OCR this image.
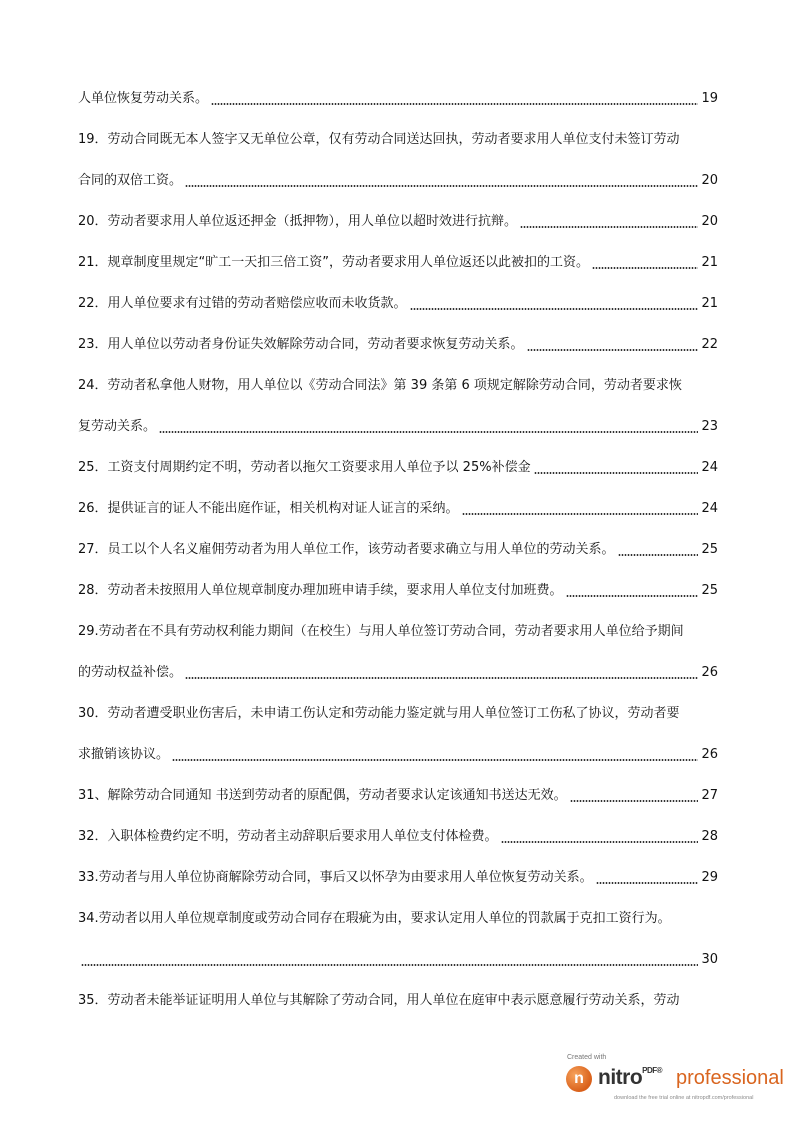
人单位恢复劳动关系。	19
19．劳动合同既无本人签字又无单位公章，仅有劳动合同送达回执，劳动者要求用人单位支付未签订劳动
合同的双倍工资。	20
20．劳动者要求用人单位返还押金（抵押物），用人单位以超时效进行抗辩。	20
21．规章制度里规定“旷工一天扣三倍工资”，劳动者要求用人单位返还以此被扣的工资。	21
22．用人单位要求有过错的劳动者赔偿应收而未收货款。	21
23．用人单位以劳动者身份证失效解除劳动合同，劳动者要求恢复劳动关系。	22
24．劳动者私拿他人财物，用人单位以《劳动合同法》第 39 条第 6 项规定解除劳动合同，劳动者要求恢
复劳动关系。	23
25．工资支付周期约定不明，劳动者以拖欠工资要求用人单位予以 25%补偿金	24
26．提供证言的证人不能出庭作证，相关机构对证人证言的采纳。	24
27．员工以个人名义雇佣劳动者为用人单位工作，该劳动者要求确立与用人单位的劳动关系。	25
28．劳动者未按照用人单位规章制度办理加班申请手续，要求用人单位支付加班费。	25
29.劳动者在不具有劳动权利能力期间（在校生）与用人单位签订劳动合同，劳动者要求用人单位给予期间
的劳动权益补偿。	26
30．劳动者遭受职业伤害后，未申请工伤认定和劳动能力鉴定就与用人单位签订工伤私了协议，劳动者要
求撤销该协议。	26
31、解除劳动合同通知 书送到劳动者的原配偶，劳动者要求认定该通知书送达无效。	27
32．入职体检费约定不明，劳动者主动辞职后要求用人单位支付体检费。	28
33.劳动者与用人单位协商解除劳动合同，事后又以怀孕为由要求用人单位恢复劳动关系。	29
34.劳动者以用人单位规章制度或劳动合同存在瑕疵为由，要求认定用人单位的罚款属于克扣工资行为。
30
35．劳动者未能举证证明用人单位与其解除了劳动合同，用人单位在庭审中表示愿意履行劳动关系，劳动
Created with
n nitro$^{PDF®}$ professional
download the free trial online at nitropdf.com/professional
